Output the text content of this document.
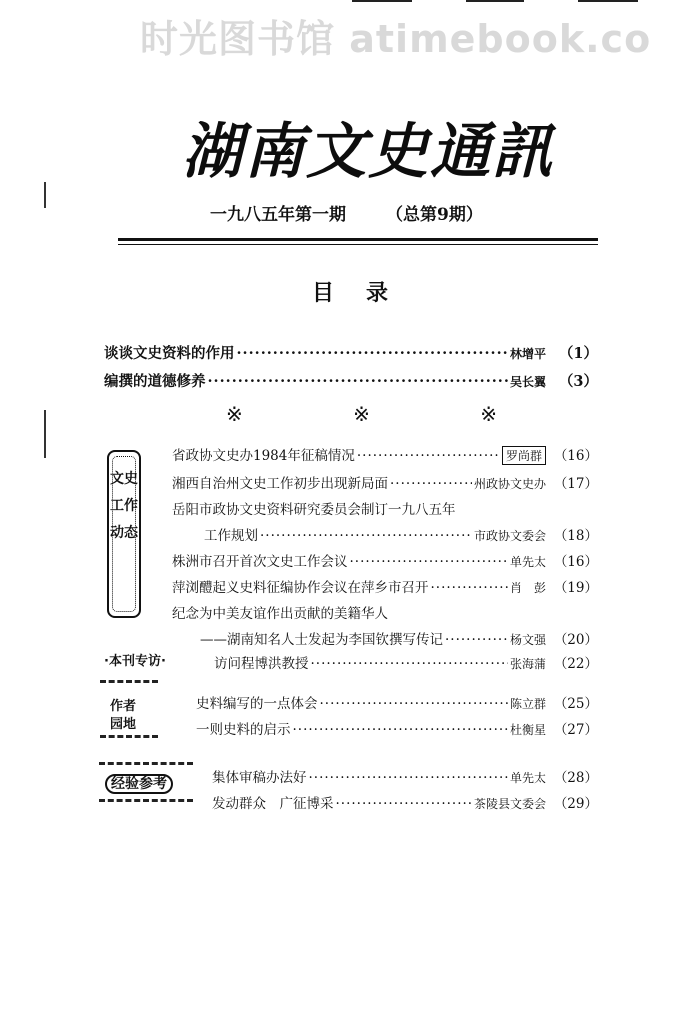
时光图书馆 atimebook.co
湖南文史通訊
一九八五年第一期 （总第9期）
目录
谈谈文史资料的作用 ·····	林增平 （1）
编撰的道德修养 ·····	吴长翼 （3）
※ ※ ※
文史工作动态
省政协文史办1984年征稿情况 ·····	罗尚群 （16）
湘西自治州文史工作初步出现新局面 ·····	州政协文史办 （17）
岳阳市政协文史资料研究委员会制订一九八五年
工作规划 ·····	市政协文委会 （18）
株洲市召开首次文史工作会议 ·····	单先太 （16）
萍浏醴起义史料征编协作会议在萍乡市召开 ·····	肖　彭 （19）
纪念为中美友谊作出贡献的美籍华人
——湖南知名人士发起为李国钦撰写传记 ·····	杨文强 （20）
·本刊专访·	访问程博洪教授 ·····	张海蒲 （22）
作者
园地
史料编写的一点体会 ·····	陈立群 （25）
一则史料的启示 ·····	杜衡星 （27）
经验参考	集体审稿办法好 ·····	单先太 （28）
发动群众　广征博采 ·····	茶陵县文委会 （29）
